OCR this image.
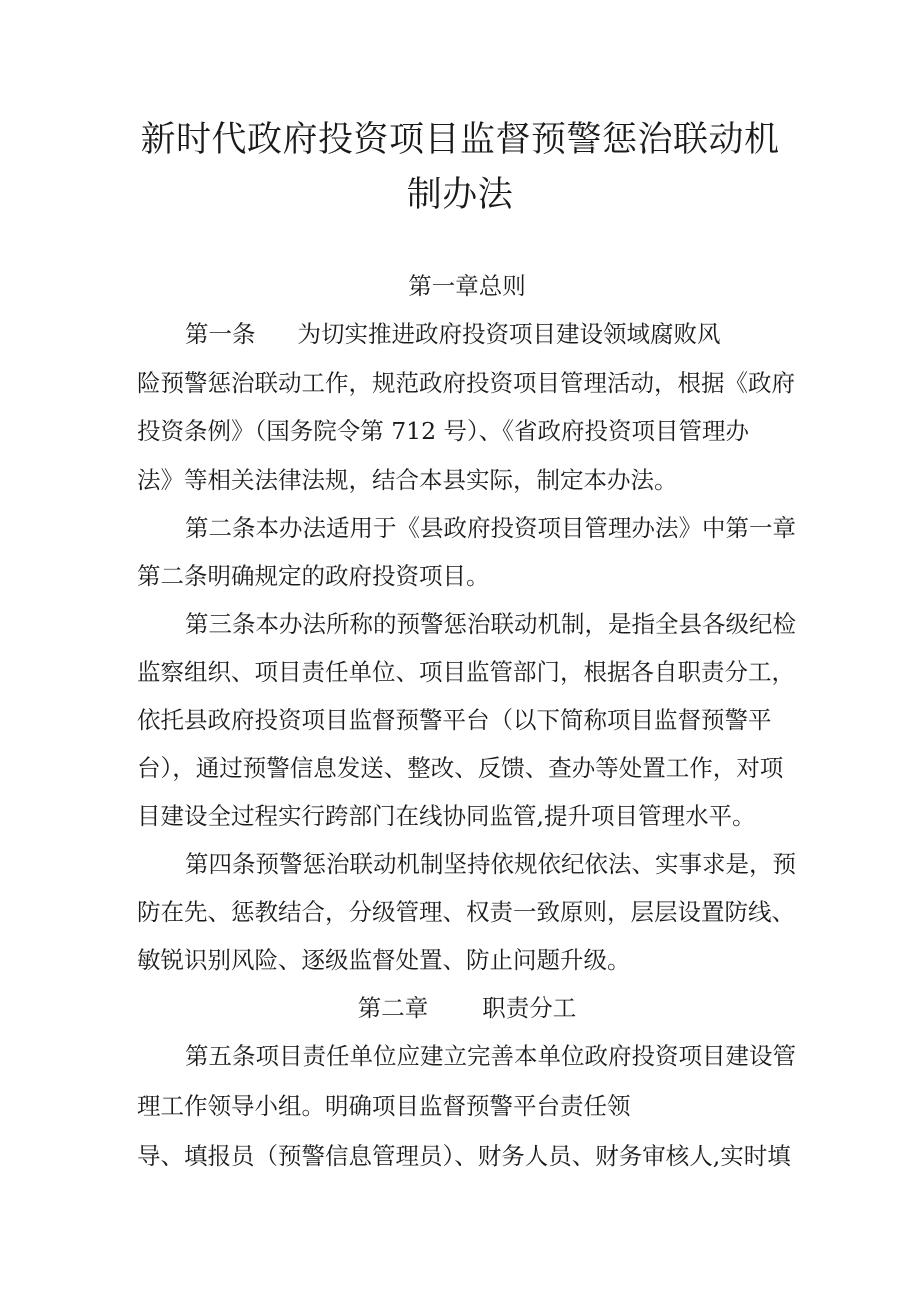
新时代政府投资项目监督预警惩治联动机
制办法
第一章总则
第一条 为切实推进政府投资项目建设领域腐败风
险预警惩治联动工作，规范政府投资项目管理活动，根据《政府
投资条例》（国务院令第 712 号）、《省政府投资项目管理办
法》等相关法律法规，结合本县实际，制定本办法。
第二条本办法适用于《县政府投资项目管理办法》中第一章
第二条明确规定的政府投资项目。
第三条本办法所称的预警惩治联动机制，是指全县各级纪检
监察组织、项目责任单位、项目监管部门，根据各自职责分工，
依托县政府投资项目监督预警平台（以下简称项目监督预警平
台），通过预警信息发送、整改、反馈、查办等处置工作，对项
目建设全过程实行跨部门在线协同监管,提升项目管理水平。
第四条预警惩治联动机制坚持依规依纪依法、实事求是，预
防在先、惩教结合，分级管理、权责一致原则，层层设置防线、
敏锐识别风险、逐级监督处置、防止问题升级。
第二章 职责分工
第五条项目责任单位应建立完善本单位政府投资项目建设管
理工作领导小组。明确项目监督预警平台责任领
导、填报员（预警信息管理员）、财务人员、财务审核人,实时填
